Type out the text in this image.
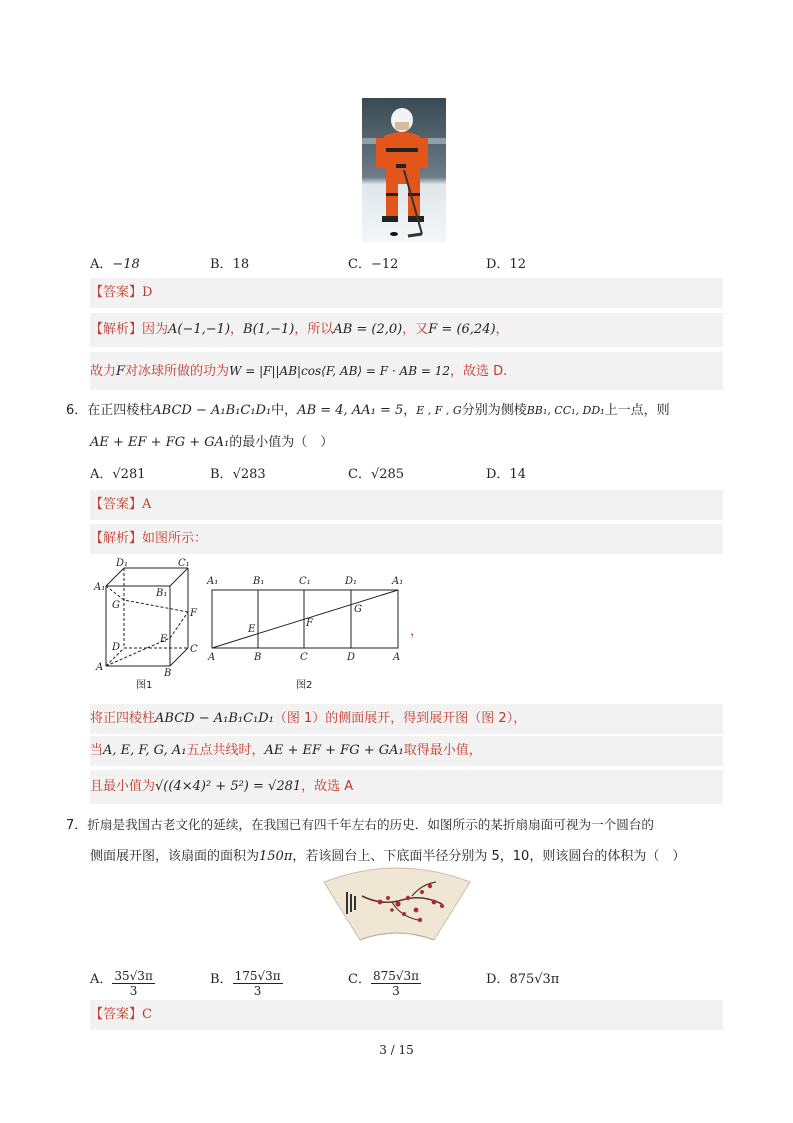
A．−18	B．18	C．−12	D．12
【答案】D
【解析】因为A(−1,−1)，B(1,−1)，所以AB = (2,0)，又F = (6,24)，
故力F对冰球所做的功为W = |F||AB|cos⟨F, AB⟩ = F · AB = 12，故选 D.
6．在正四棱柱ABCD − A₁B₁C₁D₁中，AB = 4, AA₁ = 5，E , F , G分别为侧棱BB₁, CC₁, DD₁上一点，则
AE + EF + FG + GA₁的最小值为（　）
A．√281	B．√283	C．√285	D．14
【答案】A
【解析】如图所示：
D₁	C₁
A₁
B₁
G
F
E
D	C
A
B
A₁	B₁	C₁	D₁	A₁
A	B	C	D	A
E
F
G
图1	图2
，
将正四棱柱ABCD − A₁B₁C₁D₁（图 1）的侧面展开，得到展开图（图 2），
当A, E, F, G, A₁五点共线时，AE + EF + FG + GA₁取得最小值，
且最小值为√((4×4)² + 5²) = √281，故选 A
7．折扇是我国古老文化的延续，在我国已有四千年左右的历史．如图所示的某折扇扇面可视为一个圆台的
侧面展开图，该扇面的面积为150π，若该圆台上、下底面半径分别为 5，10，则该圆台的体积为（　）
A． $\frac{35√3\pi}{3}$	B． $\frac{175√3\pi}{3}$	C． $\frac{875√3\pi}{3}$	D．875√3π
【答案】C
3 / 15
